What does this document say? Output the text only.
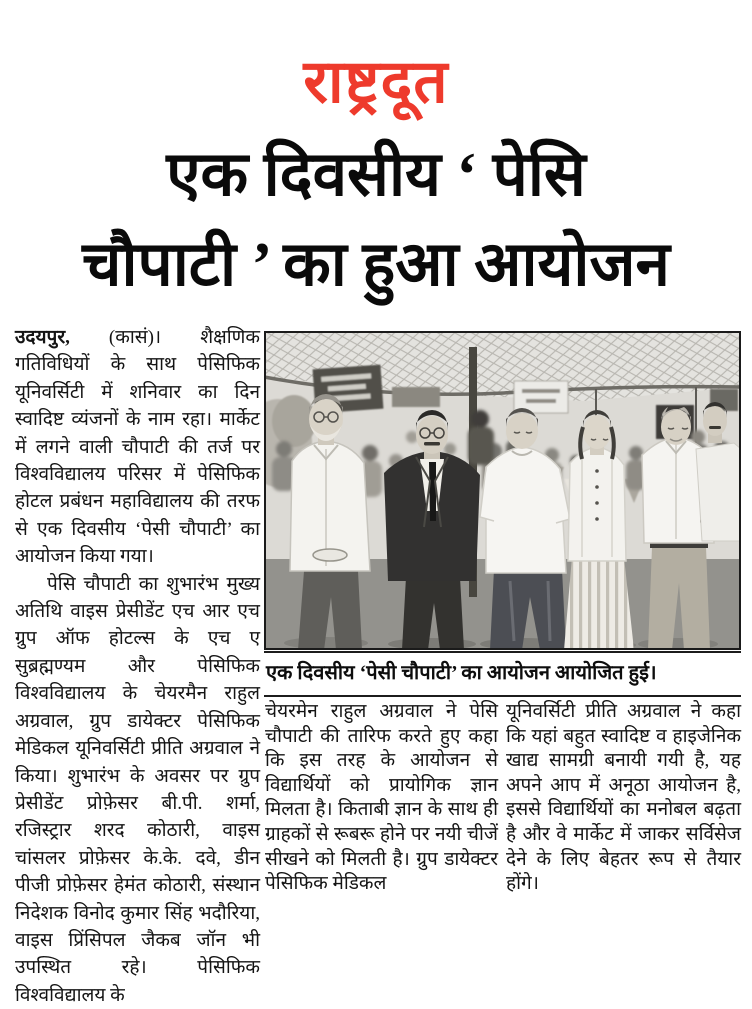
राष्ट्रदूत
एक दिवसीय ‘ पेसि
चौपाटी ’ का हुआ आयोजन

उदयपुर, (कासं)। शैक्षणिक गतिविधियों के साथ पेसिफिक यूनिवर्सिटी में शनिवार का दिन स्वादिष्ट व्यंजनों के नाम रहा। मार्केट में लगने वाली चौपाटी की तर्ज पर विश्वविद्यालय परिसर में पेसिफिक होटल प्रबंधन महाविद्यालय की तरफ से एक दिवसीय ‘पेसी चौपाटी’ का आयोजन किया गया।

पेसि चौपाटी का शुभारंभ मुख्य अतिथि वाइस प्रेसीडेंट एच आर एच ग्रुप ऑफ होटल्स के एच ए सुब्रह्मण्यम और पेसिफिक विश्वविद्यालय के चेयरमैन राहुल अग्रवाल, ग्रुप डायेक्टर पेसिफिक मेडिकल यूनिवर्सिटी प्रीति अग्रवाल ने किया। शुभारंभ के अवसर पर ग्रुप प्रेसीडेंट प्रोफ़ेसर बी.पी. शर्मा, रजिस्ट्रार शरद कोठारी, वाइस चांसलर प्रोफ़ेसर के.के. दवे, डीन पीजी प्रोफ़ेसर हेमंत कोठारी, संस्थान निदेशक विनोद कुमार सिंह भदौरिया, वाइस प्रिंसिपल जैकब जॉन भी उपस्थित रहे। पेसिफिक विश्वविद्यालय के

एक दिवसीय ‘पेसी चौपाटी’ का आयोजन आयोजित हुई।

चेयरमेन राहुल अग्रवाल ने पेसि चौपाटी की तारिफ करते हुए कहा कि इस तरह के आयोजन से विद्यार्थियों को प्रायोगिक ज्ञान मिलता है। किताबी ज्ञान के साथ ही ग्राहकों से रूबरू होने पर नयी चीजें सीखने को मिलती है। ग्रुप डायेक्टर पेसिफिक मेडिकल

यूनिवर्सिटी प्रीति अग्रवाल ने कहा कि यहां बहुत स्वादिष्ट व हाइजेनिक खाद्य सामग्री बनायी गयी है, यह अपने आप में अनूठा आयोजन है, इससे विद्यार्थियों का मनोबल बढ़ता है और वे मार्केट में जाकर सर्विसेज देने के लिए बेहतर रूप से तैयार होंगे।
